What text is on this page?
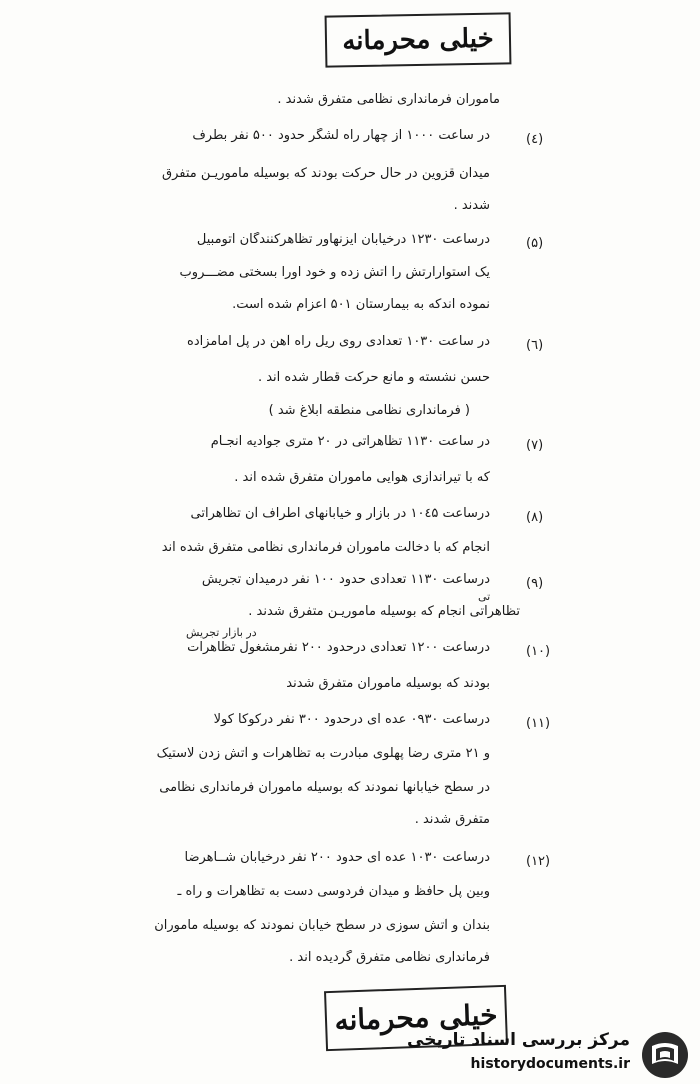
خیلی محرمانه
ماموران فرمانداری نظامی متفرق شدند .
(٤)
در ساعت ۱۰۰۰ از چهار راه لشگر حدود ۵۰۰ نفر بطرف
میدان قزوین در حال حرکت بودند که بوسیله ماموریـن متفرق
شدند .
(۵)
درساعت ۱۲۳۰ درخیابان ایزنهاور تظاهرکنندگان اتومبیل
یک استوارارتش را آتش زده و خود اورا بسختی مضـــروب
نموده اندکه به بیمارستان ۵۰۱ اعزام شده است.
(٦)
در ساعت ۱۰۳۰ تعدادی روی ریل راه آهن در پل امامزاده
حسن نشسته و مانع حرکت قطار شده اند .
( فرمانداری نظامی منطقه ابلاغ شد )
(۷)
در ساعت ۱۱۳۰ تظاهراتی در ۲۰ متری جوادیه انجـام
که با تیراندازی هوایی ماموران متفرق شده اند .
(۸)
درساعت ۱۰٤۵ در بازار و خیابانهای اطراف آن تظاهراتی
انجام که با دخالت ماموران فرمانداری نظامی متفرق شده اند
(۹)
درساعت ۱۱۳۰ تعدادی حدود ۱۰۰ نفر درمیدان تجریش
تی
تظاهراتی انجام که بوسیله ماموریـن متفرق شدند .
در بازار تجریش
(۱۰)
درساعت ۱۲۰۰ تعدادی درحدود ۲۰۰ نفرمشغول تظاهرات
بودند که بوسیله ماموران متفرق شدند
(۱۱)
درساعت ۰۹۳۰ عده ای درحدود ۳۰۰ نفر درکوکا کولا
و ۲۱ متری رضا پهلوی مبادرت به تظاهرات و آتش زدن لاستیک
در سطح خیابانها نمودند که بوسیله ماموران فرمانداری نظامی
متفرق شدند .
(۱۲)
درساعت ۱۰۳۰ عده ای حدود ۲۰۰ نفر درخیابان شــاهرضا
وبین پل حافظ و میدان فردوسی دست به تظاهرات و راه ـ
بندان و آتش سوزی در سطح خیابان نمودند که بوسیله ماموران
فرمانداری نظامی متفرق گردیده اند .
خیلی محرمانه
مرکز بررسی اسناد تاریخی
historydocuments.ir
